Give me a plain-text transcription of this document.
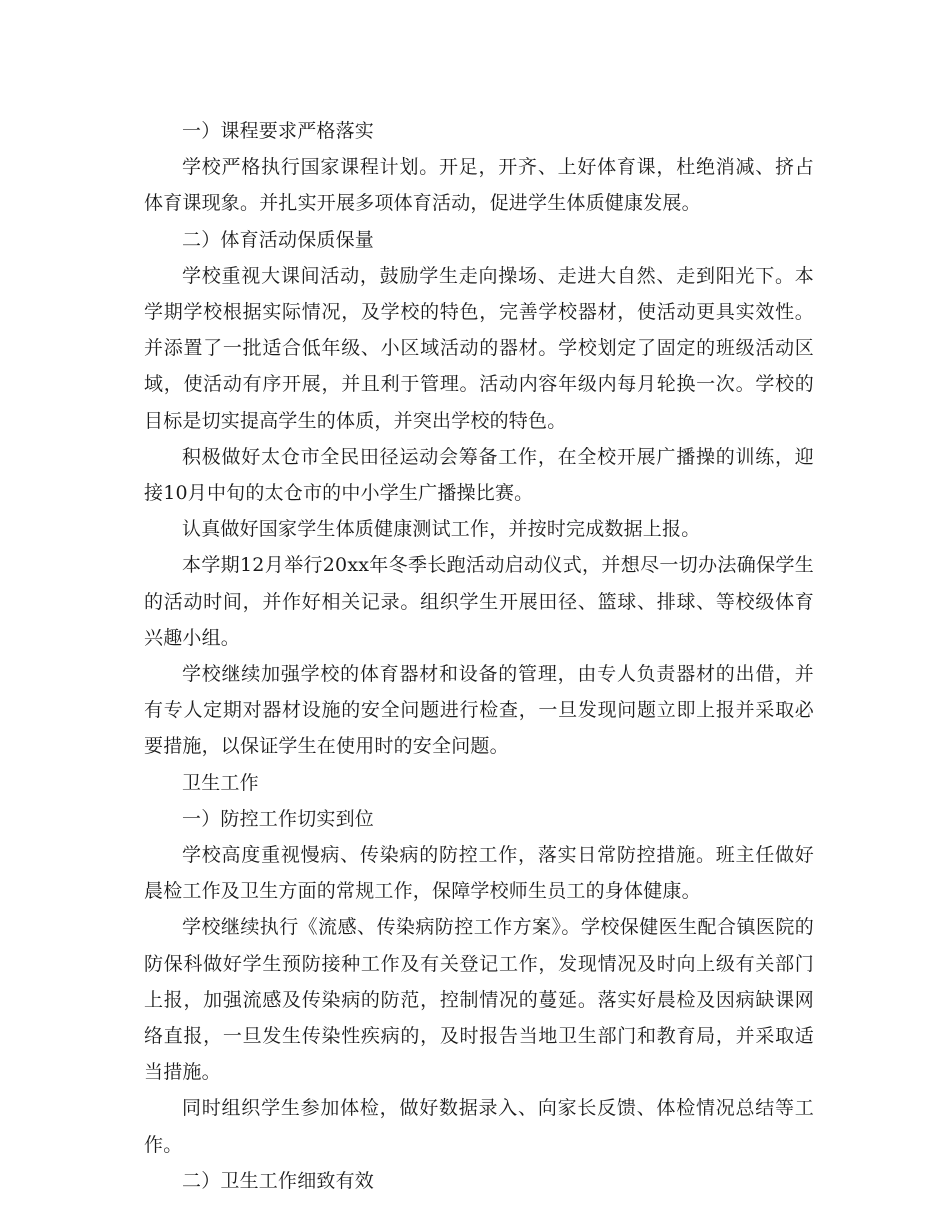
一）课程要求严格落实

学校严格执行国家课程计划。开足，开齐、上好体育课，杜绝消减、挤占体育课现象。并扎实开展多项体育活动，促进学生体质健康发展。

二）体育活动保质保量

学校重视大课间活动，鼓励学生走向操场、走进大自然、走到阳光下。本学期学校根据实际情况，及学校的特色，完善学校器材，使活动更具实效性。并添置了一批适合低年级、小区域活动的器材。学校划定了固定的班级活动区域，使活动有序开展，并且利于管理。活动内容年级内每月轮换一次。学校的目标是切实提高学生的体质，并突出学校的特色。

积极做好太仓市全民田径运动会筹备工作，在全校开展广播操的训练，迎接10月中旬的太仓市的中小学生广播操比赛。

认真做好国家学生体质健康测试工作，并按时完成数据上报。

本学期12月举行20xx年冬季长跑活动启动仪式，并想尽一切办法确保学生的活动时间，并作好相关记录。组织学生开展田径、篮球、排球、等校级体育兴趣小组。

学校继续加强学校的体育器材和设备的管理，由专人负责器材的出借，并有专人定期对器材设施的安全问题进行检查，一旦发现问题立即上报并采取必要措施，以保证学生在使用时的安全问题。

卫生工作

一）防控工作切实到位

学校高度重视慢病、传染病的防控工作，落实日常防控措施。班主任做好晨检工作及卫生方面的常规工作，保障学校师生员工的身体健康。

学校继续执行《流感、传染病防控工作方案》。学校保健医生配合镇医院的防保科做好学生预防接种工作及有关登记工作，发现情况及时向上级有关部门上报，加强流感及传染病的防范，控制情况的蔓延。落实好晨检及因病缺课网络直报，一旦发生传染性疾病的，及时报告当地卫生部门和教育局，并采取适当措施。

同时组织学生参加体检，做好数据录入、向家长反馈、体检情况总结等工作。

二）卫生工作细致有效
